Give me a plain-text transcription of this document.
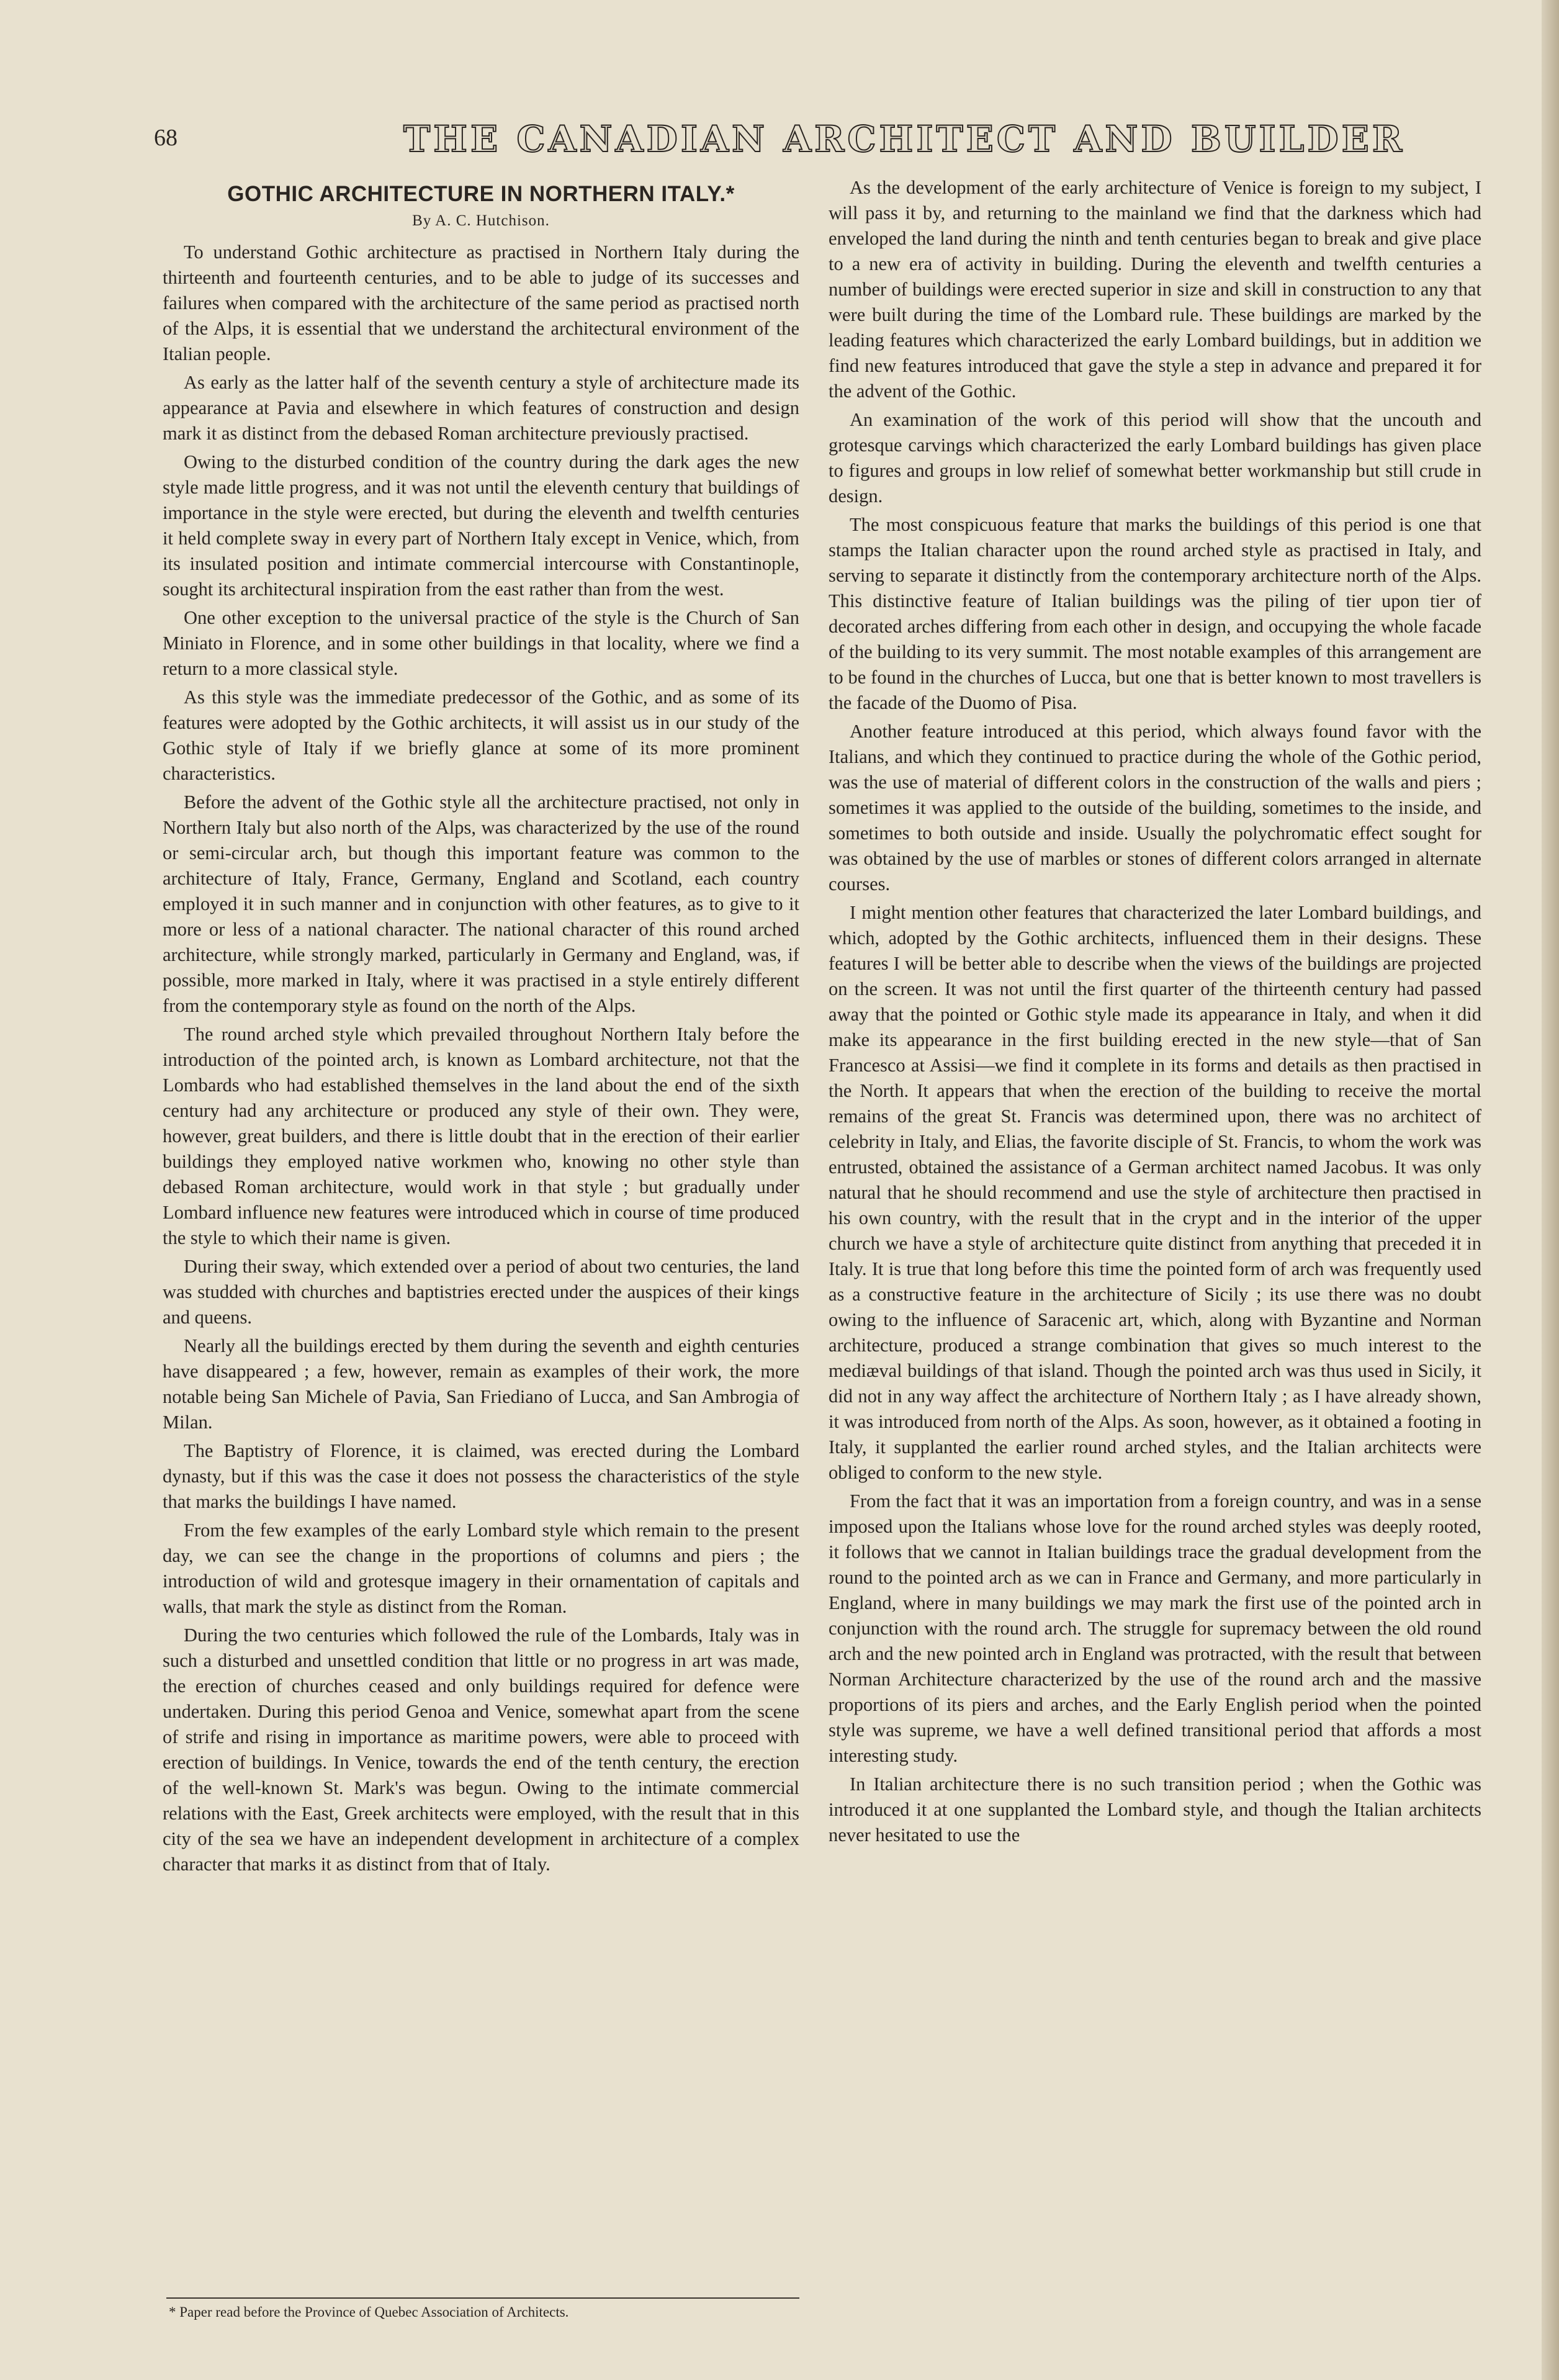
68	THE CANADIAN ARCHITECT AND BUILDER
GOTHIC ARCHITECTURE IN NORTHERN ITALY.*
By A. C. Hutchison.

To understand Gothic architecture as practised in Northern Italy during the thirteenth and fourteenth centuries, and to be able to judge of its successes and failures when compared with the architecture of the same period as practised north of the Alps, it is essential that we understand the architectural environment of the Italian people.

As early as the latter half of the seventh century a style of architecture made its appearance at Pavia and elsewhere in which features of construction and design mark it as distinct from the debased Roman architecture previously practised.

Owing to the disturbed condition of the country during the dark ages the new style made little progress, and it was not until the eleventh century that buildings of importance in the style were erected, but during the eleventh and twelfth centuries it held complete sway in every part of Northern Italy except in Venice, which, from its insulated position and intimate commercial intercourse with Constantinople, sought its architectural inspiration from the east rather than from the west.

One other exception to the universal practice of the style is the Church of San Miniato in Florence, and in some other buildings in that locality, where we find a return to a more classical style.

As this style was the immediate predecessor of the Gothic, and as some of its features were adopted by the Gothic architects, it will assist us in our study of the Gothic style of Italy if we briefly glance at some of its more prominent characteristics.

Before the advent of the Gothic style all the architecture practised, not only in Northern Italy but also north of the Alps, was characterized by the use of the round or semi-circular arch, but though this important feature was common to the architecture of Italy, France, Germany, England and Scotland, each country employed it in such manner and in conjunction with other features, as to give to it more or less of a national character. The national character of this round arched architecture, while strongly marked, particularly in Germany and England, was, if possible, more marked in Italy, where it was practised in a style entirely different from the contemporary style as found on the north of the Alps.

The round arched style which prevailed throughout Northern Italy before the introduction of the pointed arch, is known as Lombard architecture, not that the Lombards who had established themselves in the land about the end of the sixth century had any architecture or produced any style of their own. They were, however, great builders, and there is little doubt that in the erection of their earlier buildings they employed native workmen who, knowing no other style than debased Roman architecture, would work in that style ; but gradually under Lombard influence new features were introduced which in course of time produced the style to which their name is given.

During their sway, which extended over a period of about two centuries, the land was studded with churches and baptistries erected under the auspices of their kings and queens.

Nearly all the buildings erected by them during the seventh and eighth centuries have disappeared ; a few, however, remain as examples of their work, the more notable being San Michele of Pavia, San Friediano of Lucca, and San Ambrogia of Milan.

The Baptistry of Florence, it is claimed, was erected during the Lombard dynasty, but if this was the case it does not possess the characteristics of the style that marks the buildings I have named.

From the few examples of the early Lombard style which remain to the present day, we can see the change in the proportions of columns and piers ; the introduction of wild and grotesque imagery in their ornamentation of capitals and walls, that mark the style as distinct from the Roman.

During the two centuries which followed the rule of the Lombards, Italy was in such a disturbed and unsettled condition that little or no progress in art was made, the erection of churches ceased and only buildings required for defence were undertaken. During this period Genoa and Venice, somewhat apart from the scene of strife and rising in importance as maritime powers, were able to proceed with erection of buildings. In Venice, towards the end of the tenth century, the erection of the well-known St. Mark's was begun. Owing to the intimate commercial relations with the East, Greek architects were employed, with the result that in this city of the sea we have an independent development in architecture of a complex character that marks it as distinct from that of Italy.

* Paper read before the Province of Quebec Association of Architects.

As the development of the early architecture of Venice is foreign to my subject, I will pass it by, and returning to the mainland we find that the darkness which had enveloped the land during the ninth and tenth centuries began to break and give place to a new era of activity in building. During the eleventh and twelfth centuries a number of buildings were erected superior in size and skill in construction to any that were built during the time of the Lombard rule. These buildings are marked by the leading features which characterized the early Lombard buildings, but in addition we find new features introduced that gave the style a step in advance and prepared it for the advent of the Gothic.

An examination of the work of this period will show that the uncouth and grotesque carvings which characterized the early Lombard buildings has given place to figures and groups in low relief of somewhat better workmanship but still crude in design.

The most conspicuous feature that marks the buildings of this period is one that stamps the Italian character upon the round arched style as practised in Italy, and serving to separate it distinctly from the contemporary architecture north of the Alps. This distinctive feature of Italian buildings was the piling of tier upon tier of decorated arches differing from each other in design, and occupying the whole facade of the building to its very summit. The most notable examples of this arrangement are to be found in the churches of Lucca, but one that is better known to most travellers is the facade of the Duomo of Pisa.

Another feature introduced at this period, which always found favor with the Italians, and which they continued to practice during the whole of the Gothic period, was the use of material of different colors in the construction of the walls and piers ; sometimes it was applied to the outside of the building, sometimes to the inside, and sometimes to both outside and inside. Usually the polychromatic effect sought for was obtained by the use of marbles or stones of different colors arranged in alternate courses.

I might mention other features that characterized the later Lombard buildings, and which, adopted by the Gothic architects, influenced them in their designs. These features I will be better able to describe when the views of the buildings are projected on the screen. It was not until the first quarter of the thirteenth century had passed away that the pointed or Gothic style made its appearance in Italy, and when it did make its appearance in the first building erected in the new style—that of San Francesco at Assisi—we find it complete in its forms and details as then practised in the North. It appears that when the erection of the building to receive the mortal remains of the great St. Francis was determined upon, there was no architect of celebrity in Italy, and Elias, the favorite disciple of St. Francis, to whom the work was entrusted, obtained the assistance of a German architect named Jacobus. It was only natural that he should recommend and use the style of architecture then practised in his own country, with the result that in the crypt and in the interior of the upper church we have a style of architecture quite distinct from anything that preceded it in Italy. It is true that long before this time the pointed form of arch was frequently used as a constructive feature in the architecture of Sicily ; its use there was no doubt owing to the influence of Saracenic art, which, along with Byzantine and Norman architecture, produced a strange combination that gives so much interest to the mediæval buildings of that island. Though the pointed arch was thus used in Sicily, it did not in any way affect the architecture of Northern Italy ; as I have already shown, it was introduced from north of the Alps. As soon, however, as it obtained a footing in Italy, it supplanted the earlier round arched styles, and the Italian architects were obliged to conform to the new style.

From the fact that it was an importation from a foreign country, and was in a sense imposed upon the Italians whose love for the round arched styles was deeply rooted, it follows that we cannot in Italian buildings trace the gradual development from the round to the pointed arch as we can in France and Germany, and more particularly in England, where in many buildings we may mark the first use of the pointed arch in conjunction with the round arch. The struggle for supremacy between the old round arch and the new pointed arch in England was protracted, with the result that between Norman Architecture characterized by the use of the round arch and the massive proportions of its piers and arches, and the Early English period when the pointed style was supreme, we have a well defined transitional period that affords a most interesting study.

In Italian architecture there is no such transition period ; when the Gothic was introduced it at one supplanted the Lombard style, and though the Italian architects never hesitated to use the
